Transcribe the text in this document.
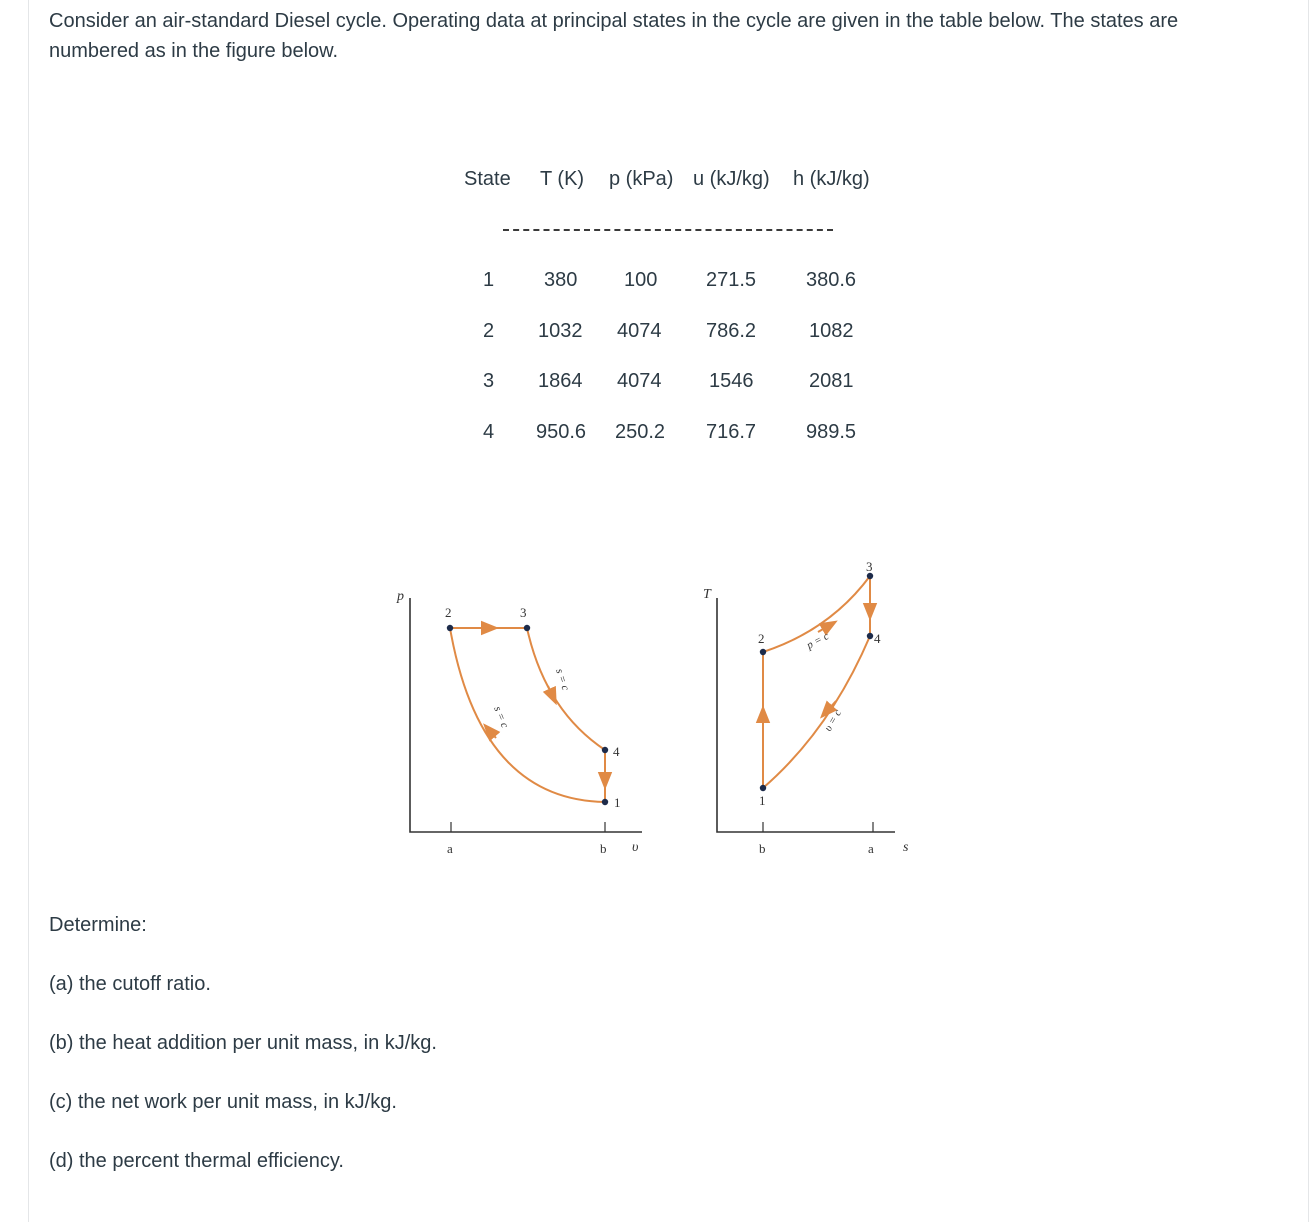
Consider an air-standard Diesel cycle. Operating data at principal states in the cycle are given in the table below. The states are numbered as in the figure below.

State T (K) p (kPa) u (kJ/kg) h (kJ/kg)
1 380 100 271.5 380.6
2 1032 4074 786.2	1082
3 1864 4074 1546	2081
4 950.6 250.2 716.7 989.5
p
υ
a	b
1
2	3
4
s = c
s = c
T
s
b	a
1
2
3
4
p = c
υ = c

Determine:

(a) the cutoff ratio.

(b) the heat addition per unit mass, in kJ/kg.

(c) the net work per unit mass, in kJ/kg.

(d) the percent thermal efficiency.
